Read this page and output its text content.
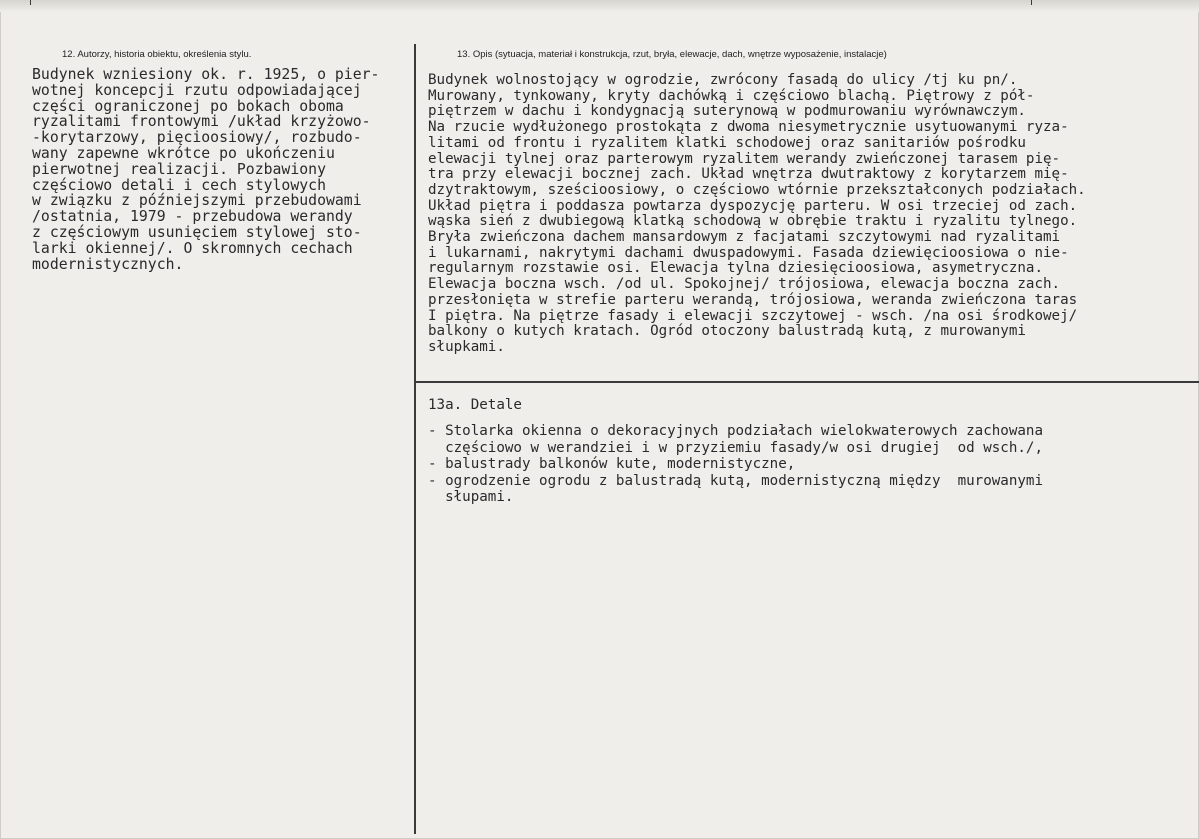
12. Autorzy, historia obiektu, określenia stylu.	13. Opis (sytuacja, materiał i konstrukcja, rzut, bryła, elewacje, dach, wnętrze wyposażenie, instalacje)
Budynek wzniesiony ok. r. 1925, o pier-
wotnej koncepcji rzutu odpowiadającej
części ograniczonej po bokach oboma
ryzalitami frontowymi /układ krzyżowo-
-korytarzowy, pięcioosiowy/, rozbudo-
wany zapewne wkrótce po ukończeniu
pierwotnej realizacji. Pozbawiony
częściowo detali i cech stylowych
w związku z późniejszymi przebudowami
/ostatnia, 1979 - przebudowa werandy
z częściowym usunięciem stylowej sto-
larki okiennej/. O skromnych cechach
modernistycznych.
Budynek wolnostojący w ogrodzie, zwrócony fasadą do ulicy /tj ku pn/.
Murowany, tynkowany, kryty dachówką i częściowo blachą. Piętrowy z pół-
piętrzem w dachu i kondygnacją suterynową w podmurowaniu wyrównawczym.
Na rzucie wydłużonego prostokąta z dwoma niesymetrycznie usytuowanymi ryza-
litami od frontu i ryzalitem klatki schodowej oraz sanitariów pośrodku
elewacji tylnej oraz parterowym ryzalitem werandy zwieńczonej tarasem pię-
tra przy elewacji bocznej zach. Układ wnętrza dwutraktowy z korytarzem mię-
dzytraktowym, sześcioosiowy, o częściowo wtórnie przekształconych podziałach.
Układ piętra i poddasza powtarza dyspozycję parteru. W osi trzeciej od zach.
wąska sień z dwubiegową klatką schodową w obrębie traktu i ryzalitu tylnego.
Bryła zwieńczona dachem mansardowym z facjatami szczytowymi nad ryzalitami
i lukarnami, nakrytymi dachami dwuspadowymi. Fasada dziewięcioosiowa o nie-
regularnym rozstawie osi. Elewacja tylna dziesięcioosiowa, asymetryczna.
Elewacja boczna wsch. /od ul. Spokojnej/ trójosiowa, elewacja boczna zach.
przesłonięta w strefie parteru werandą, trójosiowa, weranda zwieńczona taras
I piętra. Na piętrze fasady i elewacji szczytowej - wsch. /na osi środkowej/
balkony o kutych kratach. Ogród otoczony balustradą kutą, z murowanymi
słupkami.
13a. Detale
- Stolarka okienna o dekoracyjnych podziałach wielokwaterowych zachowana
częściowo w werandziei i w przyziemiu fasady/w osi drugiej  od wsch./,
- balustrady balkonów kute, modernistyczne,
- ogrodzenie ogrodu z balustradą kutą, modernistyczną między  murowanymi
słupami.
